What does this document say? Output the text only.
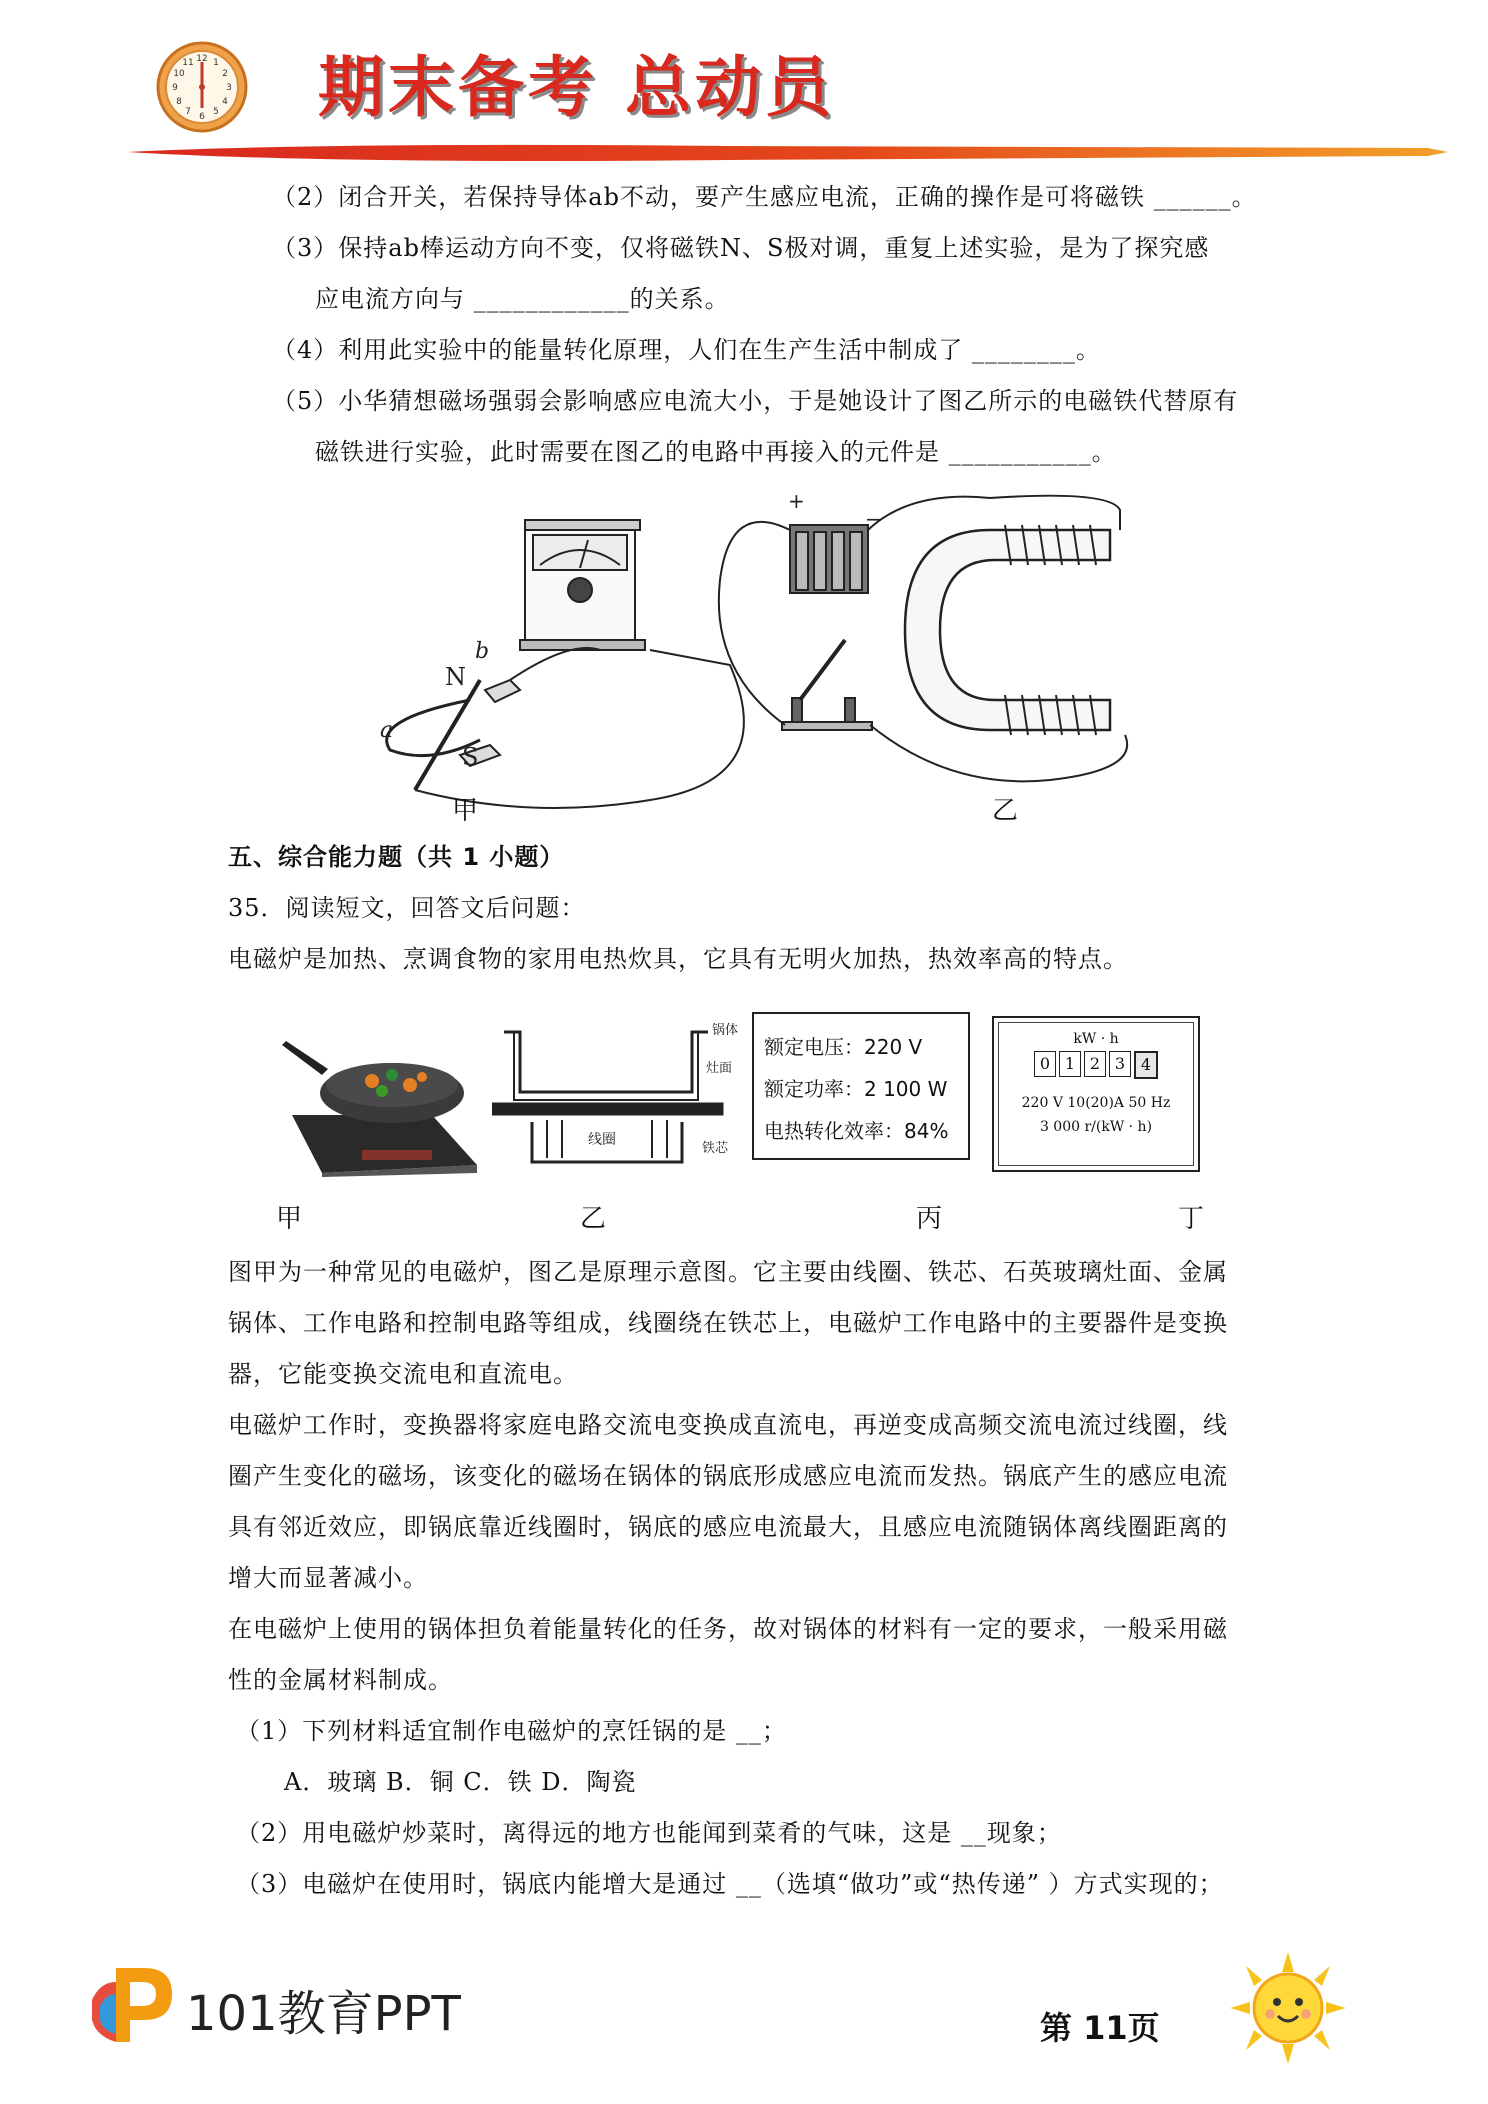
12 1
2
3
4
5
6
7
8
9
10
11 期末备考 总动员
（2）闭合开关，若保持导体ab不动，要产生感应电流，正确的操作是可将磁铁 ______。
（3）保持ab棒运动方向不变，仅将磁铁N、S极对调，重复上述实验，是为了探究感
应电流方向与 ____________的关系。
（4）利用此实验中的能量转化原理，人们在生产生活中制成了 ________。
（5）小华猜想磁场强弱会影响感应电流大小，于是她设计了图乙所示的电磁铁代替原有
磁铁进行实验，此时需要在图乙的电路中再接入的元件是 ___________。
N
S
a
b
+
−
甲	乙
五、综合能力题（共 1 小题）
35．阅读短文，回答文后问题：
电磁炉是加热、烹调食物的家用电热炊具，它具有无明火加热，热效率高的特点。
线圈
锅体
灶面
铁芯
额定电压：220 V
额定功率：2 100 W
电热转化效率：84%
kW · h
0 1 2 3 4
220 V 10(20)A 50 Hz
3 000 r/(kW · h)
甲	乙	丙	丁
图甲为一种常见的电磁炉，图乙是原理示意图。它主要由线圈、铁芯、石英玻璃灶面、金属
锅体、工作电路和控制电路等组成，线圈绕在铁芯上，电磁炉工作电路中的主要器件是变换
器，它能变换交流电和直流电。
电磁炉工作时，变换器将家庭电路交流电变换成直流电，再逆变成高频交流电流过线圈，线
圈产生变化的磁场，该变化的磁场在锅体的锅底形成感应电流而发热。锅底产生的感应电流
具有邻近效应，即锅底靠近线圈时，锅底的感应电流最大，且感应电流随锅体离线圈距离的
增大而显著减小。
在电磁炉上使用的锅体担负着能量转化的任务，故对锅体的材料有一定的要求，一般采用磁
性的金属材料制成。
（1）下列材料适宜制作电磁炉的烹饪锅的是 __；
A．玻璃 B．铜 C．铁 D．陶瓷
（2）用电磁炉炒菜时，离得远的地方也能闻到菜肴的气味，这是 __现象；
（3）电磁炉在使用时，锅底内能增大是通过 __（选填“做功”或“热传递” ）方式实现的；
101教育PPT	第 11页
